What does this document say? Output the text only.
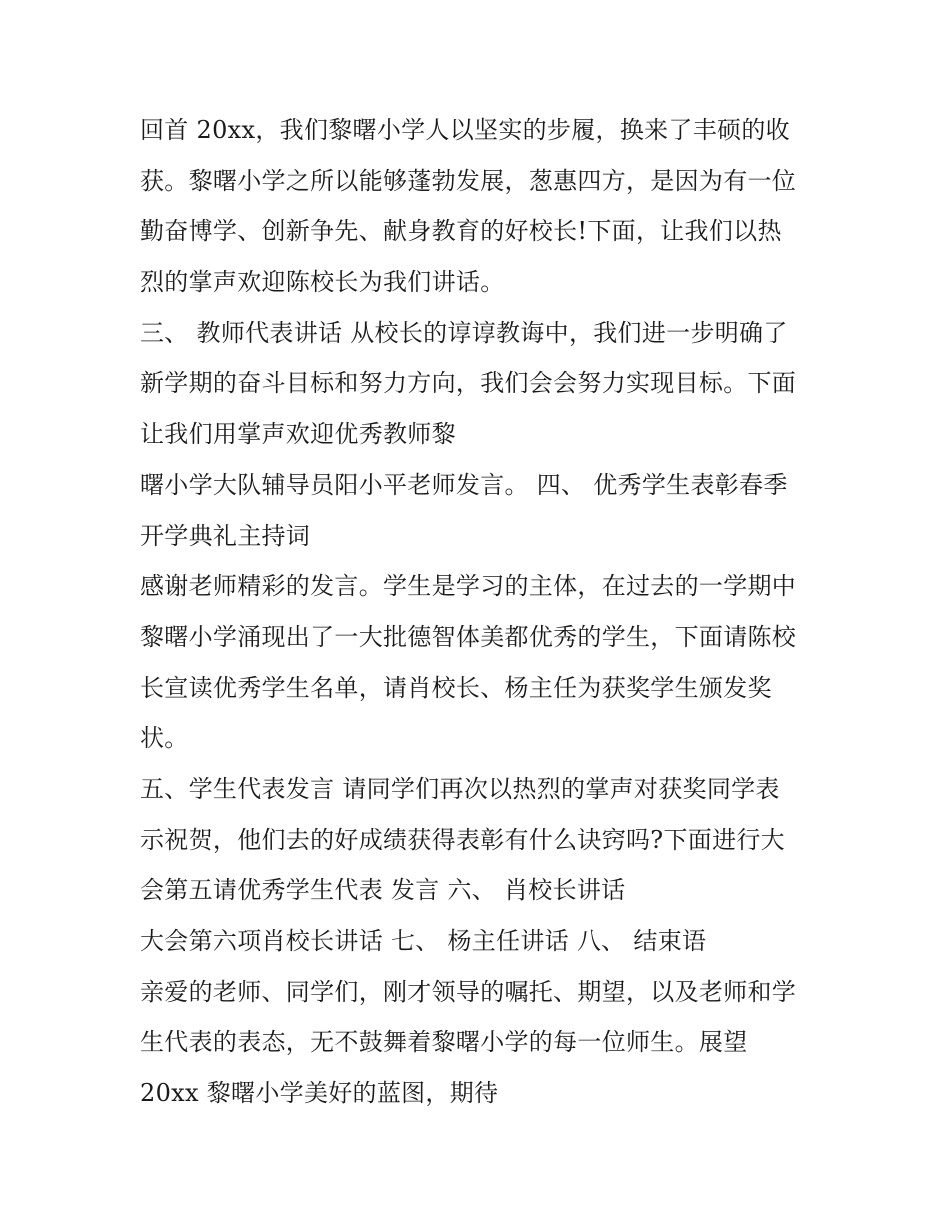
回首 20xx，我们黎曙小学人以坚实的步履，换来了丰硕的收
获。黎曙小学之所以能够蓬勃发展，葱惠四方，是因为有一位
勤奋博学、创新争先、献身教育的好校长!下面，让我们以热
烈的掌声欢迎陈校长为我们讲话。
三、 教师代表讲话 从校长的谆谆教诲中，我们进一步明确了
新学期的奋斗目标和努力方向，我们会会努力实现目标。下面
让我们用掌声欢迎优秀教师黎
曙小学大队辅导员阳小平老师发言。 四、 优秀学生表彰春季
开学典礼主持词
感谢老师精彩的发言。学生是学习的主体，在过去的一学期中
黎曙小学涌现出了一大批德智体美都优秀的学生，下面请陈校
长宣读优秀学生名单，请肖校长、杨主任为获奖学生颁发奖
状。
五、学生代表发言 请同学们再次以热烈的掌声对获奖同学表
示祝贺，他们去的好成绩获得表彰有什么诀窍吗?下面进行大
会第五请优秀学生代表 发言 六、 肖校长讲话
大会第六项肖校长讲话 七、 杨主任讲话 八、 结束语
亲爱的老师、同学们，刚才领导的嘱托、期望，以及老师和学
生代表的表态，无不鼓舞着黎曙小学的每一位师生。展望
20xx 黎曙小学美好的蓝图，期待
